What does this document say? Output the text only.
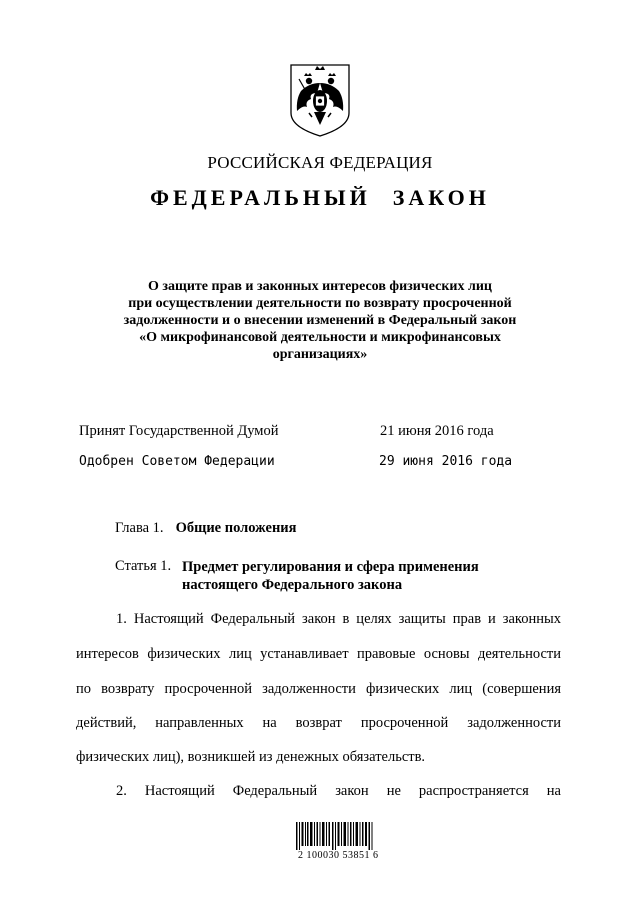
РОССИЙСКАЯ ФЕДЕРАЦИЯ
ФЕДЕРАЛЬНЫЙ ЗАКОН
О защите прав и законных интересов физических лиц
при осуществлении деятельности по возврату просроченной
задолженности и о внесении изменений в Федеральный закон
«О микрофинансовой деятельности и микрофинансовых
организациях»
Принят Государственной Думой	21 июня 2016 года
Одобрен Советом Федерации	29 июня 2016 года
Глава 1. Общие положения
Статья 1. Предмет регулирования и сфера применения
настоящего Федерального закона
1. Настоящий Федеральный закон в целях защиты прав и законных
интересов физических лиц устанавливает правовые основы деятельности
по возврату просроченной задолженности физических лиц (совершения
действий, направленных на возврат просроченной задолженности
физических лиц), возникшей из денежных обязательств.
2. Настоящий Федеральный закон не распространяется на
2 100030 53851 6
